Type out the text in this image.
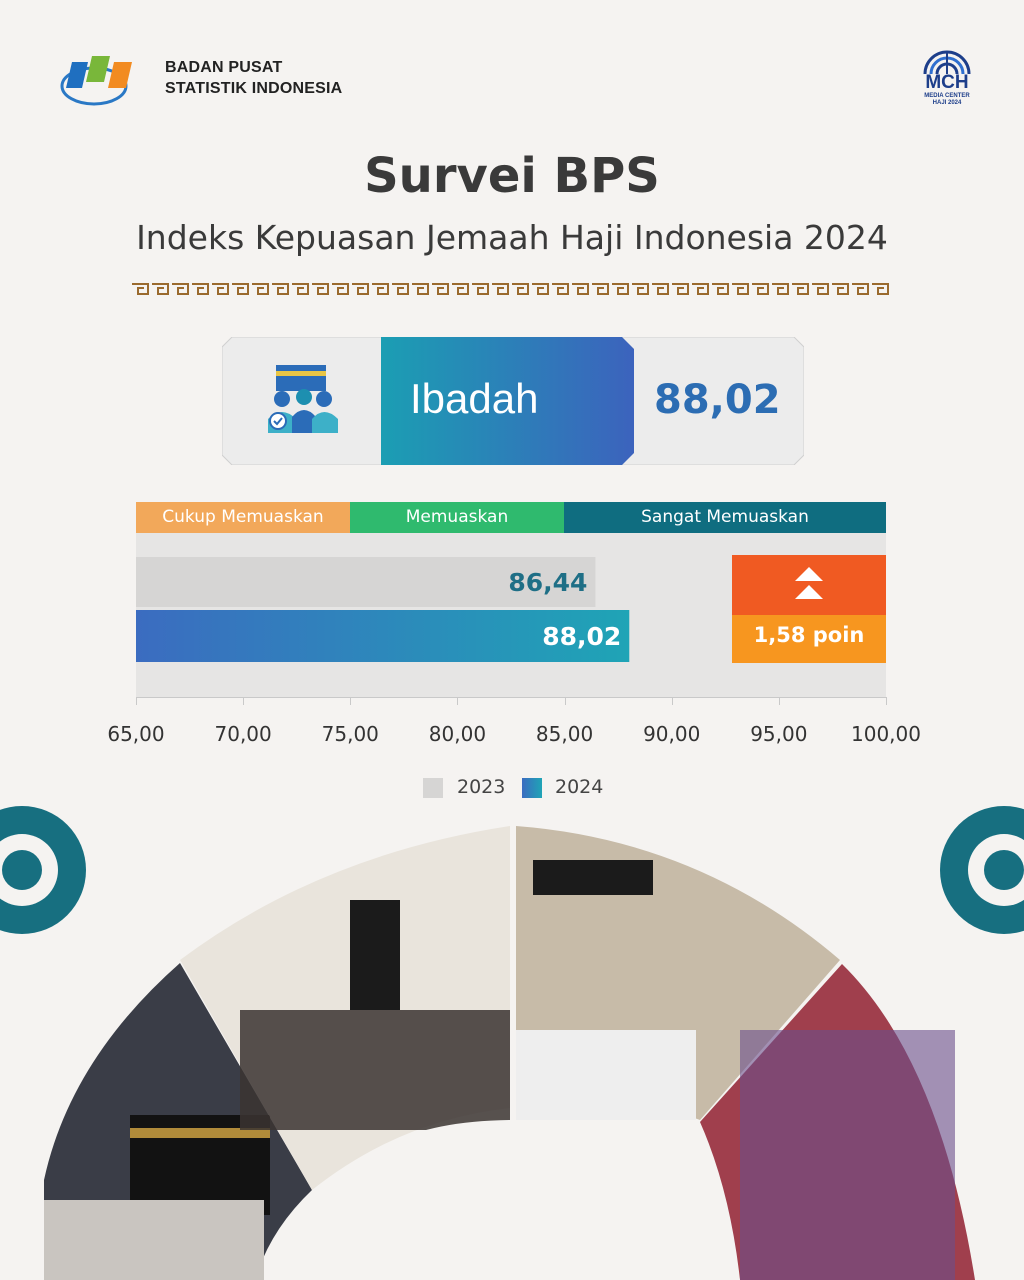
BADAN PUSAT
STATISTIK INDONESIA	MCH
MEDIA CENTER
HAJI 2024
Survei BPS
Indeks Kepuasan Jemaah Haji Indonesia 2024
Ibadah	88,02
Cukup Memuaskan	Memuaskan	Sangat Memuaskan
86,44
88,02
65,00	70,00	75,00	80,00	85,00	90,00	95,00	100,00
1,58 poin
2023	2024
